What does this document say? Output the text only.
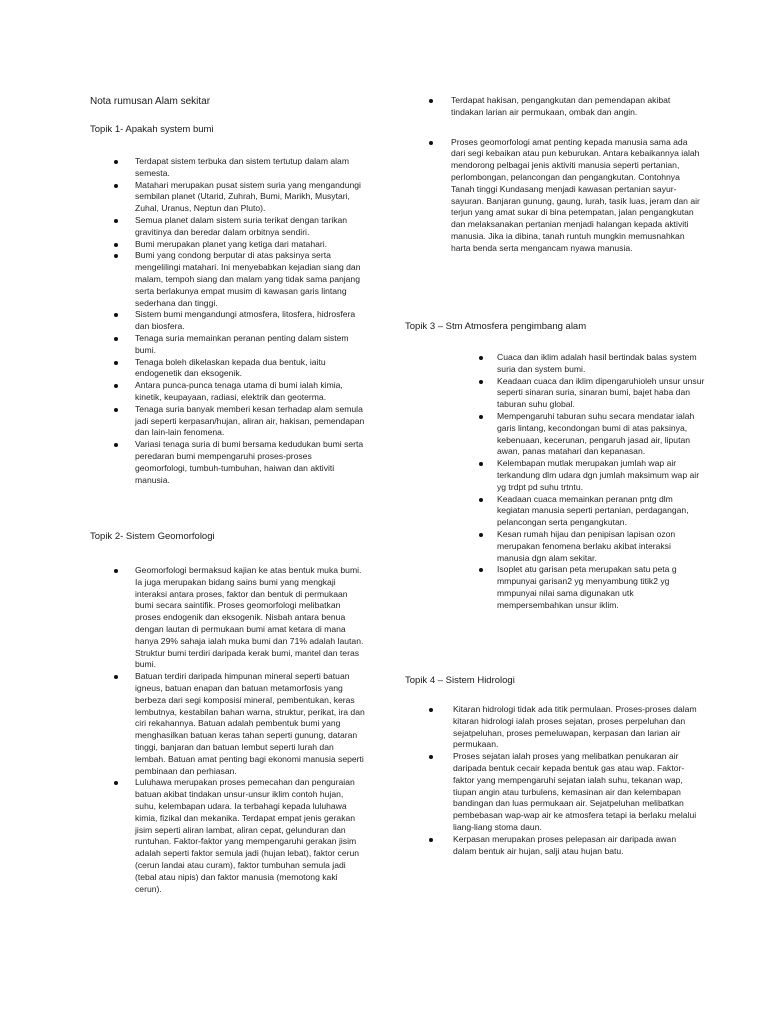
Nota rumusan Alam sekitar
Topik 1- Apakah system bumi
Terdapat sistem terbuka dan sistem tertutup dalam alam semesta.
Matahari merupakan pusat sistem suria yang mengandungi sembilan planet (Utarid, Zuhrah, Bumi, Marikh, Musytari, Zuhal, Uranus, Neptun dan Pluto).
Semua planet dalam sistem suria terikat dengan tarikan gravitinya dan beredar dalam orbitnya sendiri.
Bumi merupakan planet yang ketiga dari matahari.
Bumi yang condong berputar di atas paksinya serta mengelilingi matahari. Ini menyebabkan kejadian siang dan malam, tempoh siang dan malam yang tidak sama panjang serta berlakunya empat musim di kawasan garis lintang sederhana dan tinggi.
Sistem bumi mengandungi atmosfera, litosfera, hidrosfera dan biosfera.
Tenaga suria memainkan peranan penting dalam sistem bumi.
Tenaga boleh dikelaskan kepada dua bentuk, iaitu endogenetik dan eksogenik.
Antara punca-punca tenaga utama di bumi ialah kimia, kinetik, keupayaan, radiasi, elektrik dan geoterma.
Tenaga suria banyak memberi kesan terhadap alam semula jadi seperti kerpasan/hujan, aliran air, hakisan, pemendapan dan lain-lain fenomena.
Variasi tenaga suria di bumi bersama kedudukan bumi serta peredaran bumi mempengaruhi proses-proses geomorfologi, tumbuh-tumbuhan, haiwan dan aktiviti manusia.
Topik 2- Sistem Geomorfologi
Geomorfologi bermaksud kajian ke atas bentuk muka bumi. Ia juga merupakan bidang sains bumi yang mengkaji interaksi antara proses, faktor dan bentuk di permukaan bumi secara saintifik. Proses geomorfologi melibatkan proses endogenik dan eksogenik. Nisbah antara benua dengan lautan di permukaan bumi amat ketara di mana hanya 29% sahaja ialah muka bumi dan 71% adalah lautan. Struktur bumi terdiri daripada kerak bumi, mantel dan teras bumi.
Batuan terdiri daripada himpunan mineral seperti batuan igneus, batuan enapan dan batuan metamorfosis yang berbeza dari segi komposisi mineral, pembentukan, keras lembutnya, kestabilan bahan warna, struktur, perikat, ira dan ciri rekahannya. Batuan adalah pembentuk bumi yang menghasilkan batuan keras tahan seperti gunung, dataran tinggi, banjaran dan batuan lembut seperti lurah dan lembah. Batuan amat penting bagi ekonomi manusia seperti pembinaan dan perhiasan.
Luluhawa merupakan proses pemecahan dan penguraian batuan akibat tindakan unsur-unsur iklim contoh hujan, suhu, kelembapan udara. Ia terbahagi kepada luluhawa kimia, fizikal dan mekanika. Terdapat empat jenis gerakan jisim seperti aliran lambat, aliran cepat, gelunduran dan runtuhan. Faktor-faktor yang mempengaruhi gerakan jisim adalah seperti faktor semula jadi (hujan lebat), faktor cerun (cerun landai atau curam), faktor tumbuhan semula jadi (tebal atau nipis) dan faktor manusia (memotong kaki cerun).
Terdapat hakisan, pengangkutan dan pemendapan akibat tindakan larian air permukaan, ombak dan angin.
Proses geomorfologi amat penting kepada manusia sama ada dari segi kebaikan atau pun keburukan. Antara kebaikannya ialah mendorong pelbagai jenis aktiviti manusia seperti pertanian, perlombongan, pelancongan dan pengangkutan. Contohnya Tanah tinggi Kundasang menjadi kawasan pertanian sayur-sayuran. Banjaran gunung, gaung, lurah, tasik luas, jeram dan air terjun yang amat sukar di bina petempatan, jalan pengangkutan dan melaksanakan pertanian menjadi halangan kepada aktiviti manusia. Jika ia dibina, tanah runtuh mungkin memusnahkan harta benda serta mengancam nyawa manusia.
Topik 3 – Stm Atmosfera pengimbang alam
Cuaca dan iklim adalah hasil bertindak balas system suria dan system bumi.
Keadaan cuaca dan iklim dipengaruhioleh unsur unsur seperti sinaran suria, sinaran bumi, bajet haba dan taburan suhu global.
Mempengaruhi taburan suhu secara mendatar ialah garis lintang, kecondongan bumi di atas paksinya, kebenuaan, kecerunan, pengaruh jasad air, liputan awan, panas matahari dan kepanasan.
Kelembapan mutlak merupakan jumlah wap air terkandung dlm udara dgn jumlah maksimum wap air yg trdpt pd suhu trtntu.
Keadaan cuaca memainkan peranan pntg dlm kegiatan manusia seperti pertanian, perdagangan, pelancongan serta pengangkutan.
Kesan rumah hijau dan penipisan lapisan ozon merupakan fenomena berlaku akibat interaksi manusia dgn alam sekitar.
Isoplet atu garisan peta merupakan satu peta g mmpunyai garisan2 yg menyambung titik2 yg mmpunyai nilai sama digunakan utk mempersembahkan unsur iklim.
Topik 4 – Sistem Hidrologi
Kitaran hidrologi tidak ada titik permulaan. Proses-proses dalam kitaran hidrologi ialah proses sejatan, proses perpeluhan dan sejatpeluhan, proses pemeluwapan, kerpasan dan larian air permukaan.
Proses sejatan ialah proses yang melibatkan penukaran air daripada bentuk cecair kepada bentuk gas atau wap. Faktor-faktor yang mempengaruhi sejatan ialah suhu, tekanan wap, tiupan angin atau turbulens, kemasinan air dan kelembapan bandingan dan luas permukaan air. Sejatpeluhan melibatkan pembebasan wap-wap air ke atmosfera tetapi ia berlaku melalui liang-liang stoma daun.
Kerpasan merupakan proses pelepasan air daripada awan dalam bentuk air hujan, salji atau hujan batu.
